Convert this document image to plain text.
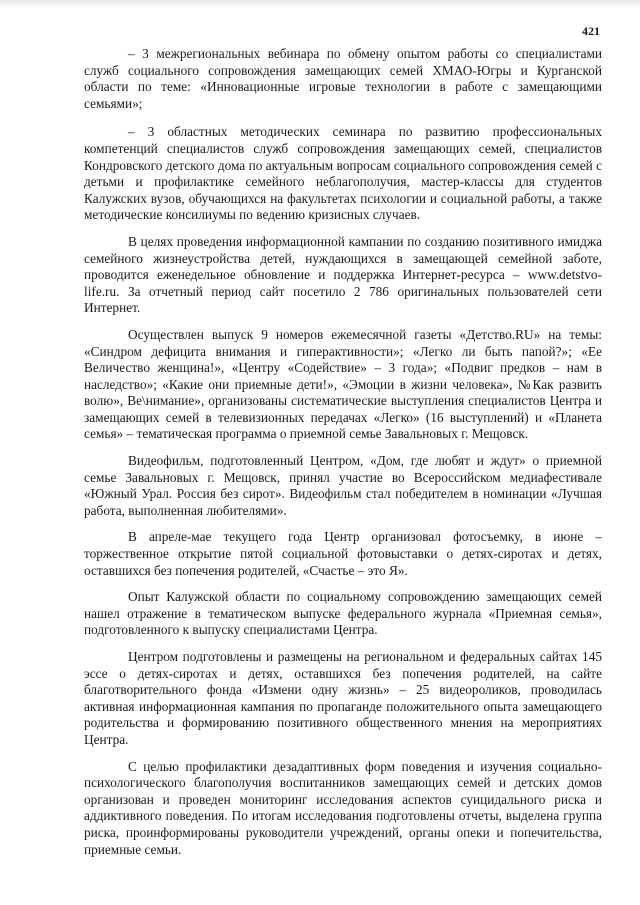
421

– 3 межрегиональных вебинара по обмену опытом работы со специалистами служб социального сопровождения замещающих семей ХМАО-Югры и Курганской области по теме: «Инновационные игровые технологии в работе с замещающими семьями»;

– 3 областных методических семинара по развитию профессиональных компетенций специалистов служб сопровождения замещающих семей, специалистов Кондровского детского дома по актуальным вопросам социального сопровождения семей с детьми и профилактике семейного неблагополучия, мастер-классы для студентов Калужских вузов, обучающихся на факультетах психологии и социальной работы, а также методические консилиумы по ведению кризисных случаев.

В целях проведения информационной кампании по созданию позитивного имиджа семейного жизнеустройства детей, нуждающихся в замещающей семейной заботе, проводится еженедельное обновление и поддержка Интернет-ресурса – www.detstvo-life.ru. За отчетный период сайт посетило 2 786 оригинальных пользователей сети Интернет.

Осуществлен выпуск 9 номеров ежемесячной газеты «Детство.RU» на темы: «Синдром дефицита внимания и гиперактивности»; «Легко ли быть папой?»; «Ее Величество женщина!», «Центру «Содействие» – 3 года»; «Подвиг предков – нам в наследство»; «Какие они приемные дети!», «Эмоции в жизни человека», №Как развить волю», Ве\нимание», организованы систематические выступления специалистов Центра и замещающих семей в телевизионных передачах «Легко» (16 выступлений) и «Планета семья» – тематическая программа о приемной семье Завальновых г. Мещовск.

Видеофильм, подготовленный Центром, «Дом, где любят и ждут» о приемной семье Завальновых г. Мещовск, принял участие во Всероссийском медиафестивале «Южный Урал. Россия без сирот». Видеофильм стал победителем в номинации «Лучшая работа, выполненная любителями».

В апреле-мае текущего года Центр организовал фотосъемку, в июне – торжественное открытие пятой социальной фотовыставки о детях-сиротах и детях, оставшихся без попечения родителей, «Счастье – это Я».

Опыт Калужской области по социальному сопровождению замещающих семей нашел отражение в тематическом выпуске федерального журнала «Приемная семья», подготовленного к выпуску специалистами Центра.

Центром подготовлены и размещены на региональном и федеральных сайтах 145 эссе о детях-сиротах и детях, оставшихся без попечения родителей, на сайте благотворительного фонда «Измени одну жизнь» – 25 видеороликов, проводилась активная информационная кампания по пропаганде положительного опыта замещающего родительства и формированию позитивного общественного мнения на мероприятиях Центра.

С целью профилактики дезадаптивных форм поведения и изучения социально-психологического благополучия воспитанников замещающих семей и детских домов организован и проведен мониторинг исследования аспектов суицидального риска и аддиктивного поведения. По итогам исследования подготовлены отчеты, выделена группа риска, проинформированы руководители учреждений, органы опеки и попечительства, приемные семьи.
